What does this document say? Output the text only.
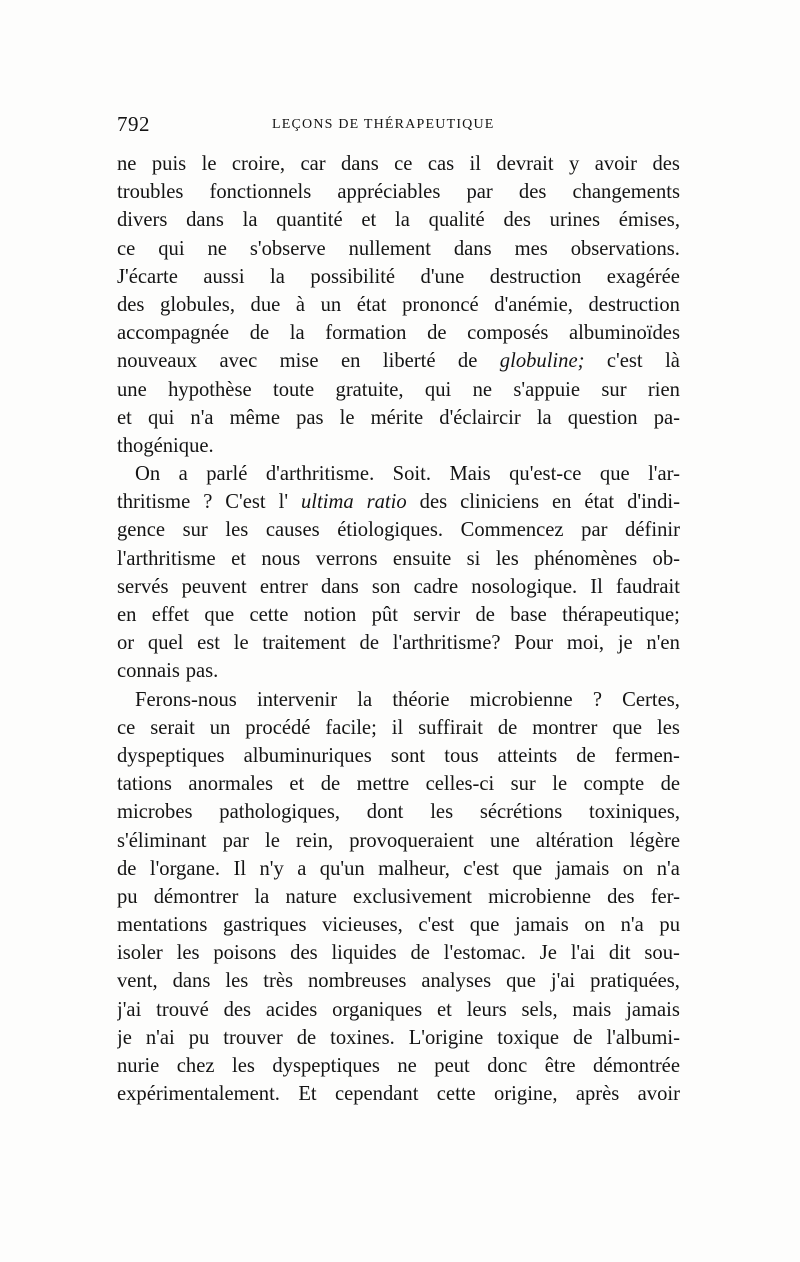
792	LEÇONS DE THÉRAPEUTIQUE
ne puis le croire, car dans ce cas il devrait y avoir des
troubles fonctionnels appréciables par des changements
divers dans la quantité et la qualité des urines émises,
ce qui ne s'observe nullement dans mes observations.
J'écarte aussi la possibilité d'une destruction exagérée
des globules, due à un état prononcé d'anémie, destruction
accompagnée de la formation de composés albuminoïdes
nouveaux avec mise en liberté de globuline; c'est là
une hypothèse toute gratuite, qui ne s'appuie sur rien
et qui n'a même pas le mérite d'éclaircir la question pa-
thogénique.
On a parlé d'arthritisme. Soit. Mais qu'est-ce que l'ar-
thritisme ? C'est l' ultima ratio des cliniciens en état d'indi-
gence sur les causes étiologiques. Commencez par définir
l'arthritisme et nous verrons ensuite si les phénomènes ob-
servés peuvent entrer dans son cadre nosologique. Il faudrait
en effet que cette notion pût servir de base thérapeutique;
or quel est le traitement de l'arthritisme? Pour moi, je n'en
connais pas.
Ferons-nous intervenir la théorie microbienne ? Certes,
ce serait un procédé facile; il suffirait de montrer que les
dyspeptiques albuminuriques sont tous atteints de fermen-
tations anormales et de mettre celles-ci sur le compte de
microbes pathologiques, dont les sécrétions toxiniques,
s'éliminant par le rein, provoqueraient une altération légère
de l'organe. Il n'y a qu'un malheur, c'est que jamais on n'a
pu démontrer la nature exclusivement microbienne des fer-
mentations gastriques vicieuses, c'est que jamais on n'a pu
isoler les poisons des liquides de l'estomac. Je l'ai dit sou-
vent, dans les très nombreuses analyses que j'ai pratiquées,
j'ai trouvé des acides organiques et leurs sels, mais jamais
je n'ai pu trouver de toxines. L'origine toxique de l'albumi-
nurie chez les dyspeptiques ne peut donc être démontrée
expérimentalement. Et cependant cette origine, après avoir
